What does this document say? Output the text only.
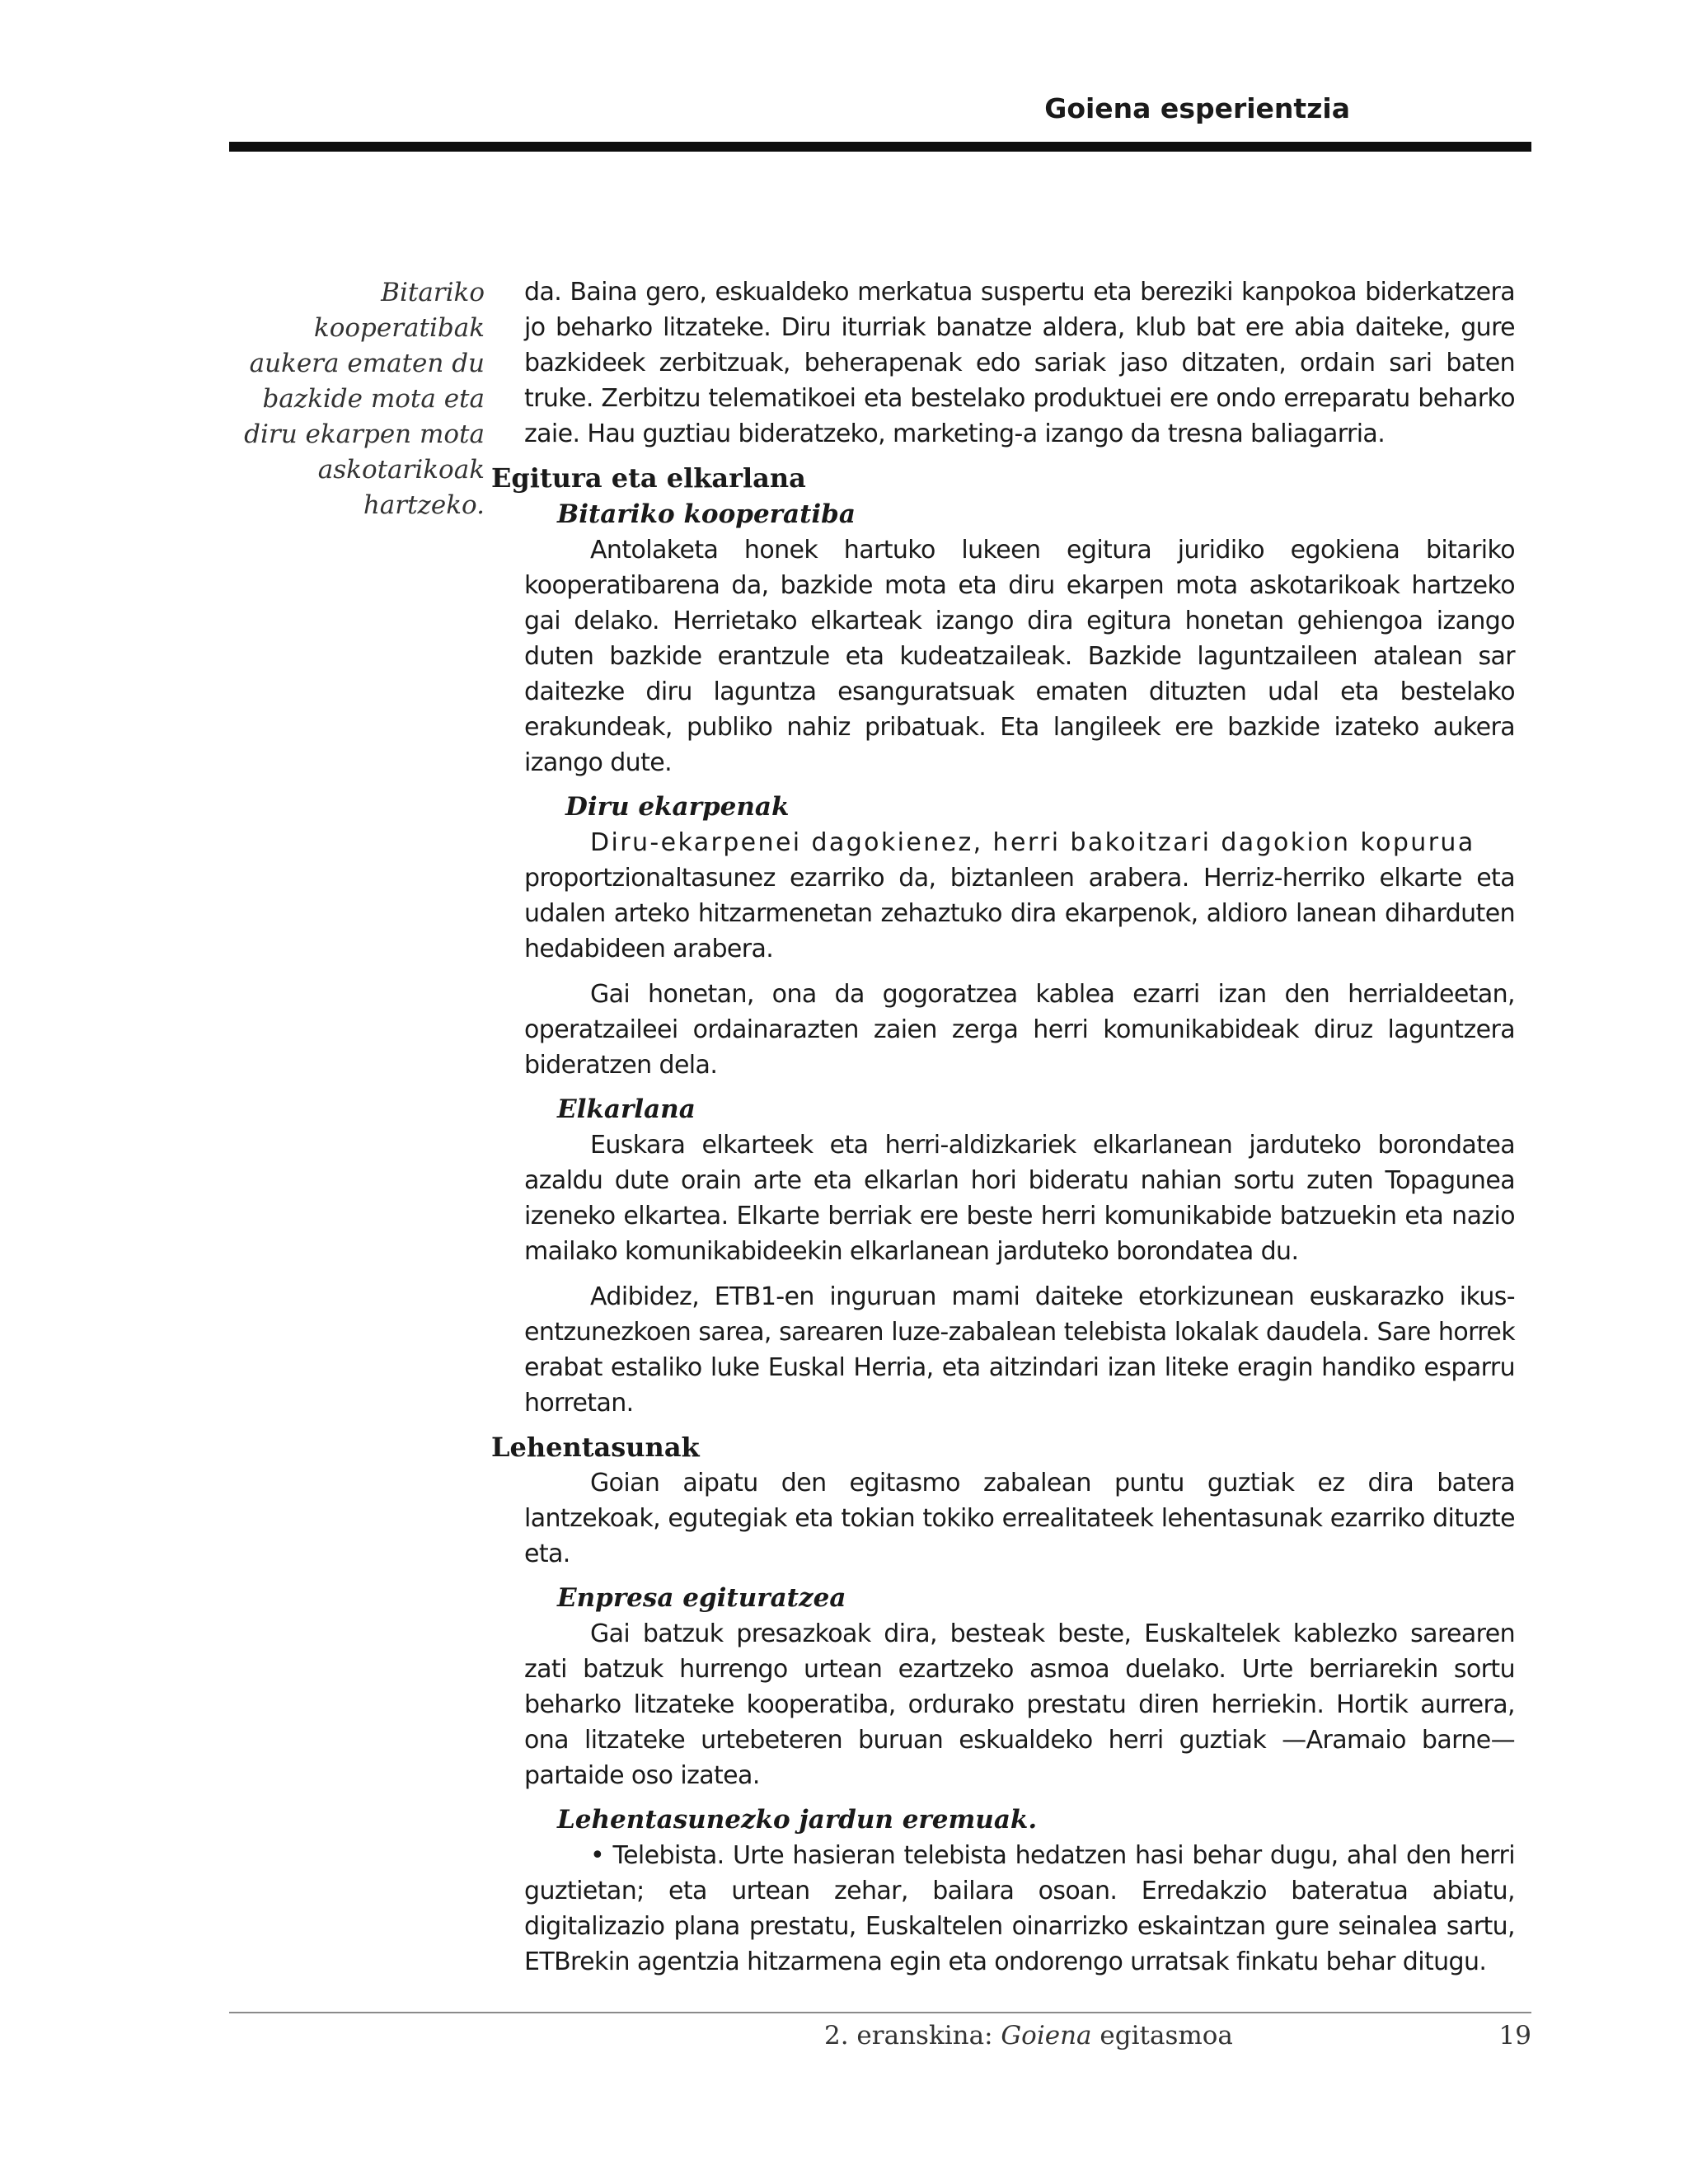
Goiena esperientzia
Bitariko
kooperatibak
aukera ematen du
bazkide mota eta
diru ekarpen mota
askotarikoak
hartzeko.

da. Baina gero, eskualdeko merkatua suspertu eta bereziki kanpokoa biderkatzera jo beharko litzateke. Diru iturriak banatze aldera, klub bat ere abia daiteke, gure bazkideek zerbitzuak, beherapenak edo sariak jaso ditzaten, ordain sari baten truke. Zerbitzu telematikoei eta bestelako produktuei ere ondo erreparatu beharko zaie. Hau guztiau bideratzeko, marketing-a izango da tresna baliagarria.

Egitura eta elkarlana
Bitariko kooperatiba

Antolaketa honek hartuko lukeen egitura juridiko egokiena bitariko kooperatibarena da, bazkide mota eta diru ekarpen mota askotarikoak hartzeko gai delako. Herrietako elkarteak izango dira egitura honetan gehiengoa izango duten bazkide erantzule eta kudeatzaileak. Bazkide laguntzaileen atalean sar daitezke diru laguntza esanguratsuak ematen dituzten udal eta bestelako erakundeak, publiko nahiz pribatuak. Eta langileek ere bazkide izateko aukera izango dute.

Diru ekarpenak

Diru-ekarpenei dagokienez, herri bakoitzari dagokion kopurua

proportzionaltasunez ezarriko da, biztanleen arabera. Herriz-herriko elkarte eta udalen arteko hitzarmenetan zehaztuko dira ekarpenok, aldioro lanean diharduten hedabideen arabera.

Gai honetan, ona da gogoratzea kablea ezarri izan den herrialdeetan, operatzaileei ordainarazten zaien zerga herri komunikabideak diruz laguntzera bideratzen dela.

Elkarlana

Euskara elkarteek eta herri-aldizkariek elkarlanean jarduteko borondatea azaldu dute orain arte eta elkarlan hori bideratu nahian sortu zuten Topagunea izeneko elkartea. Elkarte berriak ere beste herri komunikabide batzuekin eta nazio mailako komunikabideekin elkarlanean jarduteko borondatea du.

Adibidez, ETB1-en inguruan mami daiteke etorkizunean euskarazko ikus-entzunezkoen sarea, sarearen luze-zabalean telebista lokalak daudela. Sare horrek erabat estaliko luke Euskal Herria, eta aitzindari izan liteke eragin handiko esparru horretan.

Lehentasunak

Goian aipatu den egitasmo zabalean puntu guztiak ez dira batera lantzekoak, egutegiak eta tokian tokiko errealitateek lehentasunak ezarriko dituzte eta.

Enpresa egituratzea

Gai batzuk presazkoak dira, besteak beste, Euskaltelek kablezko sarearen zati batzuk hurrengo urtean ezartzeko asmoa duelako. Urte berriarekin sortu beharko litzateke kooperatiba, ordurako prestatu diren herriekin. Hortik aurrera, ona litzateke urtebeteren buruan eskualdeko herri guztiak —Aramaio barne— partaide oso izatea.

Lehentasunezko jardun eremuak.

• Telebista. Urte hasieran telebista hedatzen hasi behar dugu, ahal den herri guztietan; eta urtean zehar, bailara osoan. Erredakzio bateratua abiatu, digitalizazio plana prestatu, Euskaltelen oinarrizko eskaintzan gure seinalea sartu, ETBrekin agentzia hitzarmena egin eta ondorengo urratsak finkatu behar ditugu.

2. eranskina: Goiena egitasmoa	19
